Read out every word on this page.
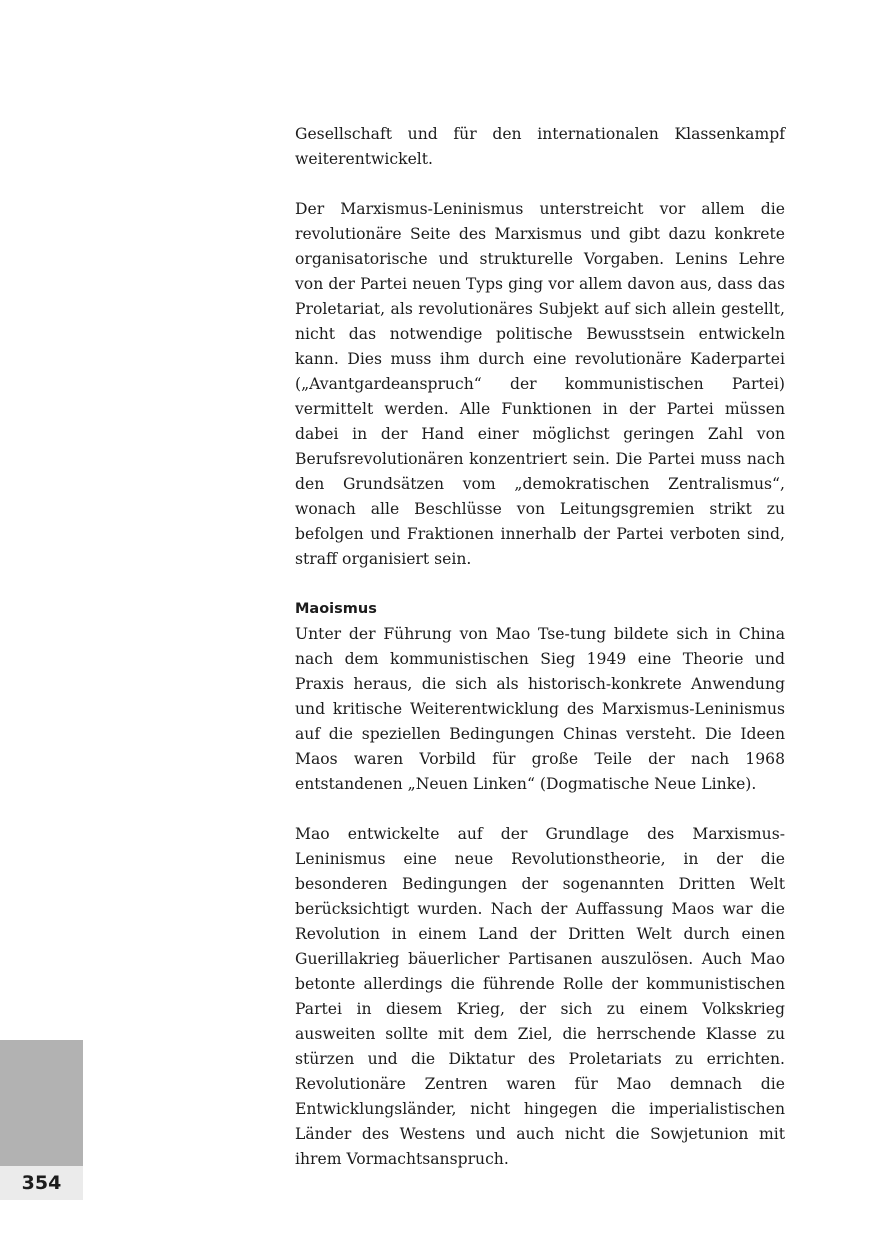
Gesellschaft und für den internationalen Klassenkampf weiterentwickelt.

Der Marxismus-Leninismus unterstreicht vor allem die revolutionäre Seite des Marxismus und gibt dazu konkrete organisatorische und strukturelle Vorgaben. Lenins Lehre von der Partei neuen Typs ging vor allem davon aus, dass das Proletariat, als revolutionäres Subjekt auf sich allein gestellt, nicht das notwendige politische Bewusstsein entwickeln kann. Dies muss ihm durch eine revolutionäre Kaderpartei („Avantgardeanspruch“ der kommunistischen Partei) vermittelt werden. Alle Funktionen in der Partei müssen dabei in der Hand einer möglichst geringen Zahl von Berufsrevolutionären konzentriert sein. Die Partei muss nach den Grundsätzen vom „demokratischen Zentralismus“, wonach alle Beschlüsse von Leitungsgremien strikt zu befolgen und Fraktionen innerhalb der Partei verboten sind, straff organisiert sein.

Maoismus

Unter der Führung von Mao Tse-tung bildete sich in China nach dem kommunistischen Sieg 1949 eine Theorie und Praxis heraus, die sich als historisch-konkrete Anwendung und kritische Weiterentwicklung des Marxismus-Leninismus auf die speziellen Bedingungen Chinas versteht. Die Ideen Maos waren Vorbild für große Teile der nach 1968 entstandenen „Neuen Linken“ (Dogmatische Neue Linke).

Mao entwickelte auf der Grundlage des Marxismus-Leninismus eine neue Revolutionstheorie, in der die besonderen Bedingungen der sogenannten Dritten Welt berücksichtigt wurden. Nach der Auffassung Maos war die Revolution in einem Land der Dritten Welt durch einen Guerillakrieg bäuerlicher Partisanen auszulösen. Auch Mao betonte allerdings die führende Rolle der kommunistischen Partei in diesem Krieg, der sich zu einem Volkskrieg ausweiten sollte mit dem Ziel, die herrschende Klasse zu stürzen und die Diktatur des Proletariats zu errichten. Revolutionäre Zentren waren für Mao demnach die Entwicklungsländer, nicht hingegen die imperialistischen Länder des Westens und auch nicht die Sowjetunion mit ihrem Vormachtsanspruch.

354
